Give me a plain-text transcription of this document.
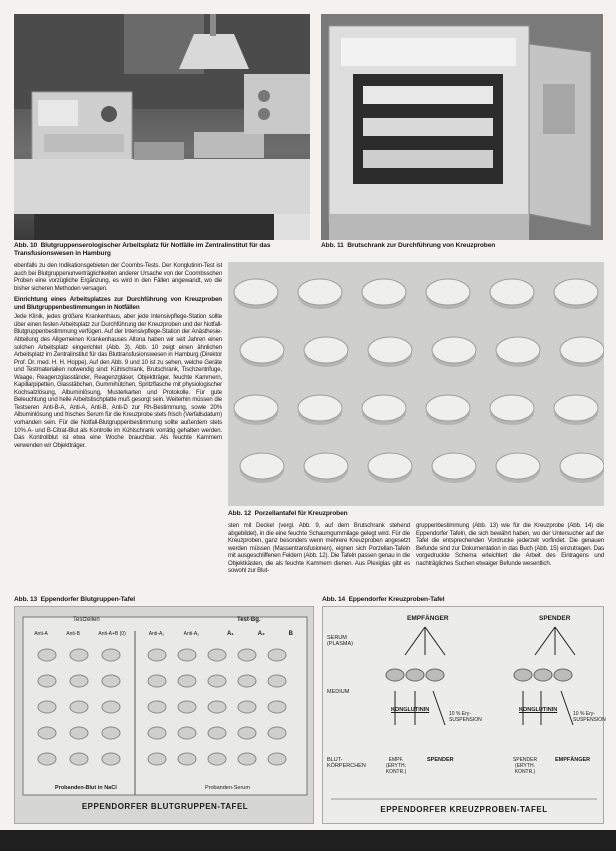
Abb. 10 Blutgruppenserologischer Arbeitsplatz für Notfälle im Zentralinstitut für das Transfusionswesen in Hamburg
Abb. 11 Brutschrank zur Durchführung von Kreuzproben

ebenfalls zu den Indikationsgebieten der Coombs-Tests. Der Konglutinin-Test ist auch bei Blutgruppenunverträglichkeiten anderer Ursache von der Coombsschen Proben eine vorzügliche Ergänzung, es wird in den Fällen angewandt, wo die bisher sicheren Methoden versagen.

Einrichtung eines Arbeitsplatzes zur Durchführung von Kreuzproben und Blutgruppenbestimmungen in Notfällen

Jede Klinik, jedes größere Krankenhaus, aber jede Intensivpflege-Station sollte über einen festen Arbeitsplatz zur Durchführung der Kreuzproben und der Notfall-Blutgruppenbestimmung verfügen. Auf der Intensivpflege-Station der Anästhesie-Abteilung des Allgemeinen Krankenhauses Altona haben wir seit Jahren einen solchen Arbeitsplatz eingerichtet (Abb. 3). Abb. 10 zeigt einen ähnlichen Arbeitsplatz im Zentralinstitut für das Bluttransfusionswesen in Hamburg (Direktor Prof. Dr. med. H. H. Hoppe). Auf den Abb. 9 und 10 ist zu sehen, welche Geräte und Testmaterialien notwendig sind: Kühlschrank, Brutschrank, Tischzentrifuge, Waage, Reagenzglasständer, Reagenzgläser, Objektträger, feuchte Kammern, Kapillarpipetten, Glasstäbchen, Gummihütchen, Spritzflasche mit physiologischer Kochsalzlösung, Albuminlösung, Musterkarten und Protokolle. Für gute Beleuchtung und helle Arbeitstischplatte muß gesorgt sein. Weiterhin müssen die Testseren Anti-B-A, Anti-A, Anti-B, Anti-D zur Rh-Bestimmung, sowie 20% Albuminlösung und frisches Serum für die Kreuzprobe stets frisch (Verfallsdatum) vorhanden sein. Für die Notfall-Blutgruppenbestimmung sollte außerdem stets 10% A- und B-Citrat-Blut als Kontrolle im Kühlschrank vorrätig gehalten werden. Das Kontrollblut ist etwa eine Woche brauchbar. Als feuchte Kammern verwenden wir Objektträger.

Abb. 12 Porzellantafel für Kreuzproben

sten mit Deckel (vergl. Abb. 9, auf dem Brutschrank stehend abgebildet), in die eine feuchte Schaumgummilage gelegt wird. Für die Kreuzproben, ganz besonders wenn mehrere Kreuzproben angesetzt werden müssen (Massentransfusionen), eignen sich Porzellan-Tafeln mit ausgeschliffenen Feldern (Abb. 12). Die Tafeln passen genau in die Objektkästen, die als feuchte Kammern dienen. Aus Plexiglas gibt es sowohl zur Blut-

gruppenbestimmung (Abb. 13) wie für die Kreuzprobe (Abb. 14) die Eppendorfer Tafeln, die sich bewährt haben, wo der Untersucher auf der Tafel die entsprechenden Vordrucke jederzeit vorfindet. Die genauen Befunde sind zur Dokumentation in das Buch (Abb. 15) einzutragen. Das vorgedruckte Schema erleichtert die Arbeit des Eintragens und nachträgliches Suchen etwaiger Befunde wesentlich.

Abb. 13 Eppendorfer Blutgruppen-Tafel
Testzellen	Test-Bg.
Anti-A	Anti-B	Anti-A+B (0)	Anti-A₁	Anti-A₂	A₁	A₂	B
Probanden-Blut in NaCl	Probanden-Serum
EPPENDORFER BLUTGRUPPEN-TAFEL
Abb. 14 Eppendorfer Kreuzproben-Tafel
SERUM (PLASMA)
MEDIUM
BLUT-KÖRPERCHEN
EMPFÄNGER	SPENDER
KONGLUTININ	KONGLUTININ
10 % Ery-SUSPENSION
10 % Ery-SUSPENSION
EMPF. (ERYTH. KONTR.)
SPENDER	SPENDER (ERYTH. KONTR.)
EMPFÄNGER
EPPENDORFER KREUZPROBEN-TAFEL
